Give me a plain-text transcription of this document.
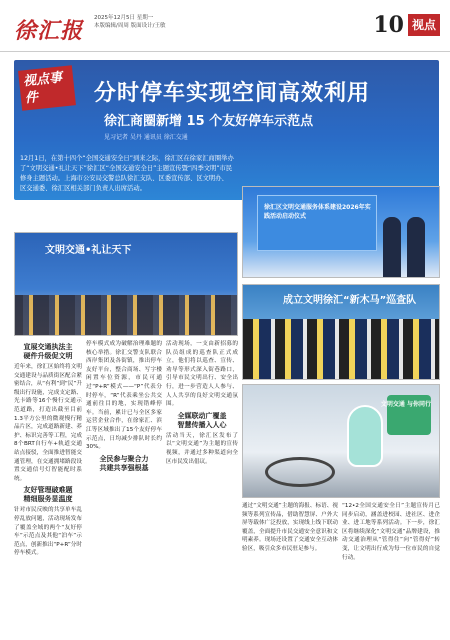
徐汇报 2025年12月5日 星期一
本版编辑/周周 版面设计/王敏	10 视点
视点事件	分时停车实现空间高效利用
徐汇商圈新增 15 个友好停车示范点
见习记者 吴丹 通讯员 徐汇交通
12月1日，在第十四个“全国交通安全日”到来之际，徐汇区在徐家汇商圈举办了“文明交通•礼让天下”徐汇区“全国交通安全日”主题宣传暨“四季文明”市民修身主题活动。上海市公安局交警总队徐汇支队、区委宣传部、区文明办、区交通委、徐汇区相关部门负责人出席活动。
徐汇区文明交通服务体系建设2026年实践活动启动仪式
文明交通•礼让天下
成立文明徐汇“新木马”巡查队
文明交通 与你同行
宣展交通执法主
硬件升级促文明
近年来，徐汇区始终将文明交通建设与品质街区配合紧密结合，从“有利”到“民”升级出行设施，完成支定路、光卡路等16个慢行交通示范道路，打造出截至目前1.3平方公里的微观慢行精品片区，完成道路新建、养护、标识完善等工程，完成8个BRT自行车+轨道交通站点接驳，全面推进智能交通管理，在交通拥堵路段设置交通信号灯智能配时系统。
友好管理破难题
精细服务显温度
针对市民反映的共享单车乱停乱放问题，活动现场发布了覆盖全域的两个“友好停车”示范点及其他“泊车”示范点，创新推出“P+R”分时停车模式。
停车模式成为破解治理难题的核心举措。徐汇交警支队联合西岸集团及各街镇，推出停车友好平台，整合商场、写字楼闲置车位资源，市民可通过“P+R”模式——“P”代表分时停车，“R”代表乘坐公共交通前往目的地，实现错峰停车。当前，累计已与全区多家运营企业合作，在徐家汇、滨江等区域推出了15个友好停车示范点，日均减少排队时长约30%。
全民参与聚合力
共建共享强根基
活动现场，一支由新招募的队员组成的巡查队正式成立，他们将以巡查、宣传、劝导等形式深入街巷路口，引导市民文明出行、安全出行，进一步营造人人参与、人人共享的良好文明交通氛围。
全媒联动广覆盖
智慧传播入人心
活动当天，徐汇区发布了以“文明交通”为主题的宣传视频，并通过多种渠道向全区市民发出倡议。
通过“文明交通”主题的海报、标语、视频等系列宣传品，借助智慧屏、户外大屏等载体广泛投放，实现线上线下联动覆盖，全面提升市民交通安全意识和文明素养。现场还设置了交通安全互动体验区，吸引众多市民驻足参与。
“12•2全国交通安全日”主题宣传月已同步启动，涵盖进校园、进社区、进企业、进工地等系列活动。下一步，徐汇区将继续深化“文明交通”品牌建设，推动交通治理从“管得住”向“管得好”转变，让文明出行成为每一位市民的自觉行动。
